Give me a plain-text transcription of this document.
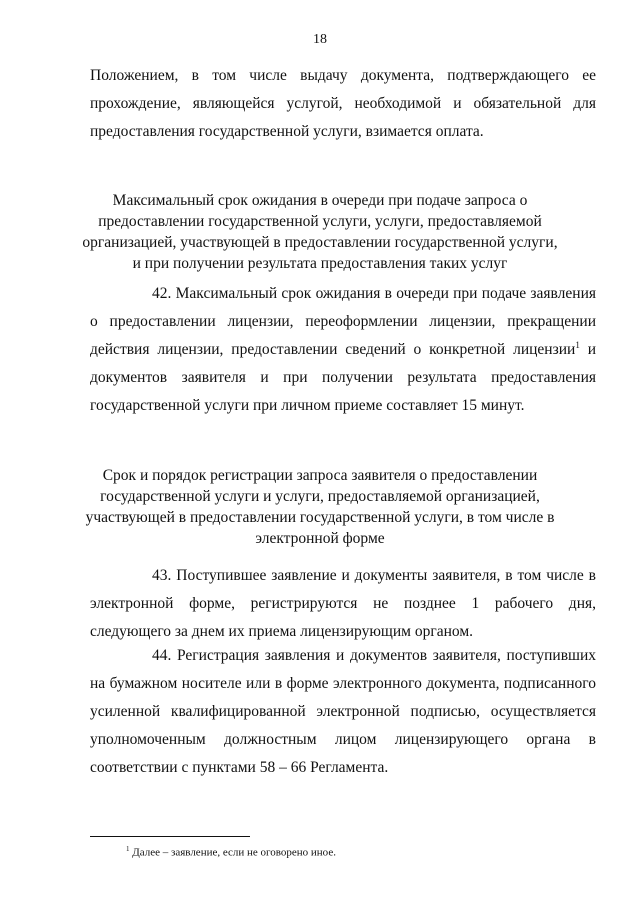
18

Положением, в том числе выдачу документа, подтверждающего ее прохождение, являющейся услугой, необходимой и обязательной для предоставления государственной услуги, взимается оплата.

Максимальный срок ожидания в очереди при подаче запроса о
предоставлении государственной услуги, услуги, предоставляемой
организацией, участвующей в предоставлении государственной услуги,
и при получении результата предоставления таких услуг

42. Максимальный срок ожидания в очереди при подаче заявления о предоставлении лицензии, переоформлении лицензии, прекращении действия лицензии, предоставлении сведений о конкретной лицензии$^1$ и документов заявителя и при получении результата предоставления государственной услуги при личном приеме составляет 15 минут.

Срок и порядок регистрации запроса заявителя о предоставлении
государственной услуги и услуги, предоставляемой организацией,
участвующей в предоставлении государственной услуги, в том числе в
электронной форме

43. Поступившее заявление и документы заявителя, в том числе в электронной форме, регистрируются не позднее 1 рабочего дня, следующего за днем их приема лицензирующим органом.

44. Регистрация заявления и документов заявителя, поступивших на бумажном носителе или в форме электронного документа, подписанного усиленной квалифицированной электронной подписью, осуществляется уполномоченным должностным лицом лицензирующего органа в соответствии с пунктами 58 – 66 Регламента.

$^1$ Далее – заявление, если не оговорено иное.
